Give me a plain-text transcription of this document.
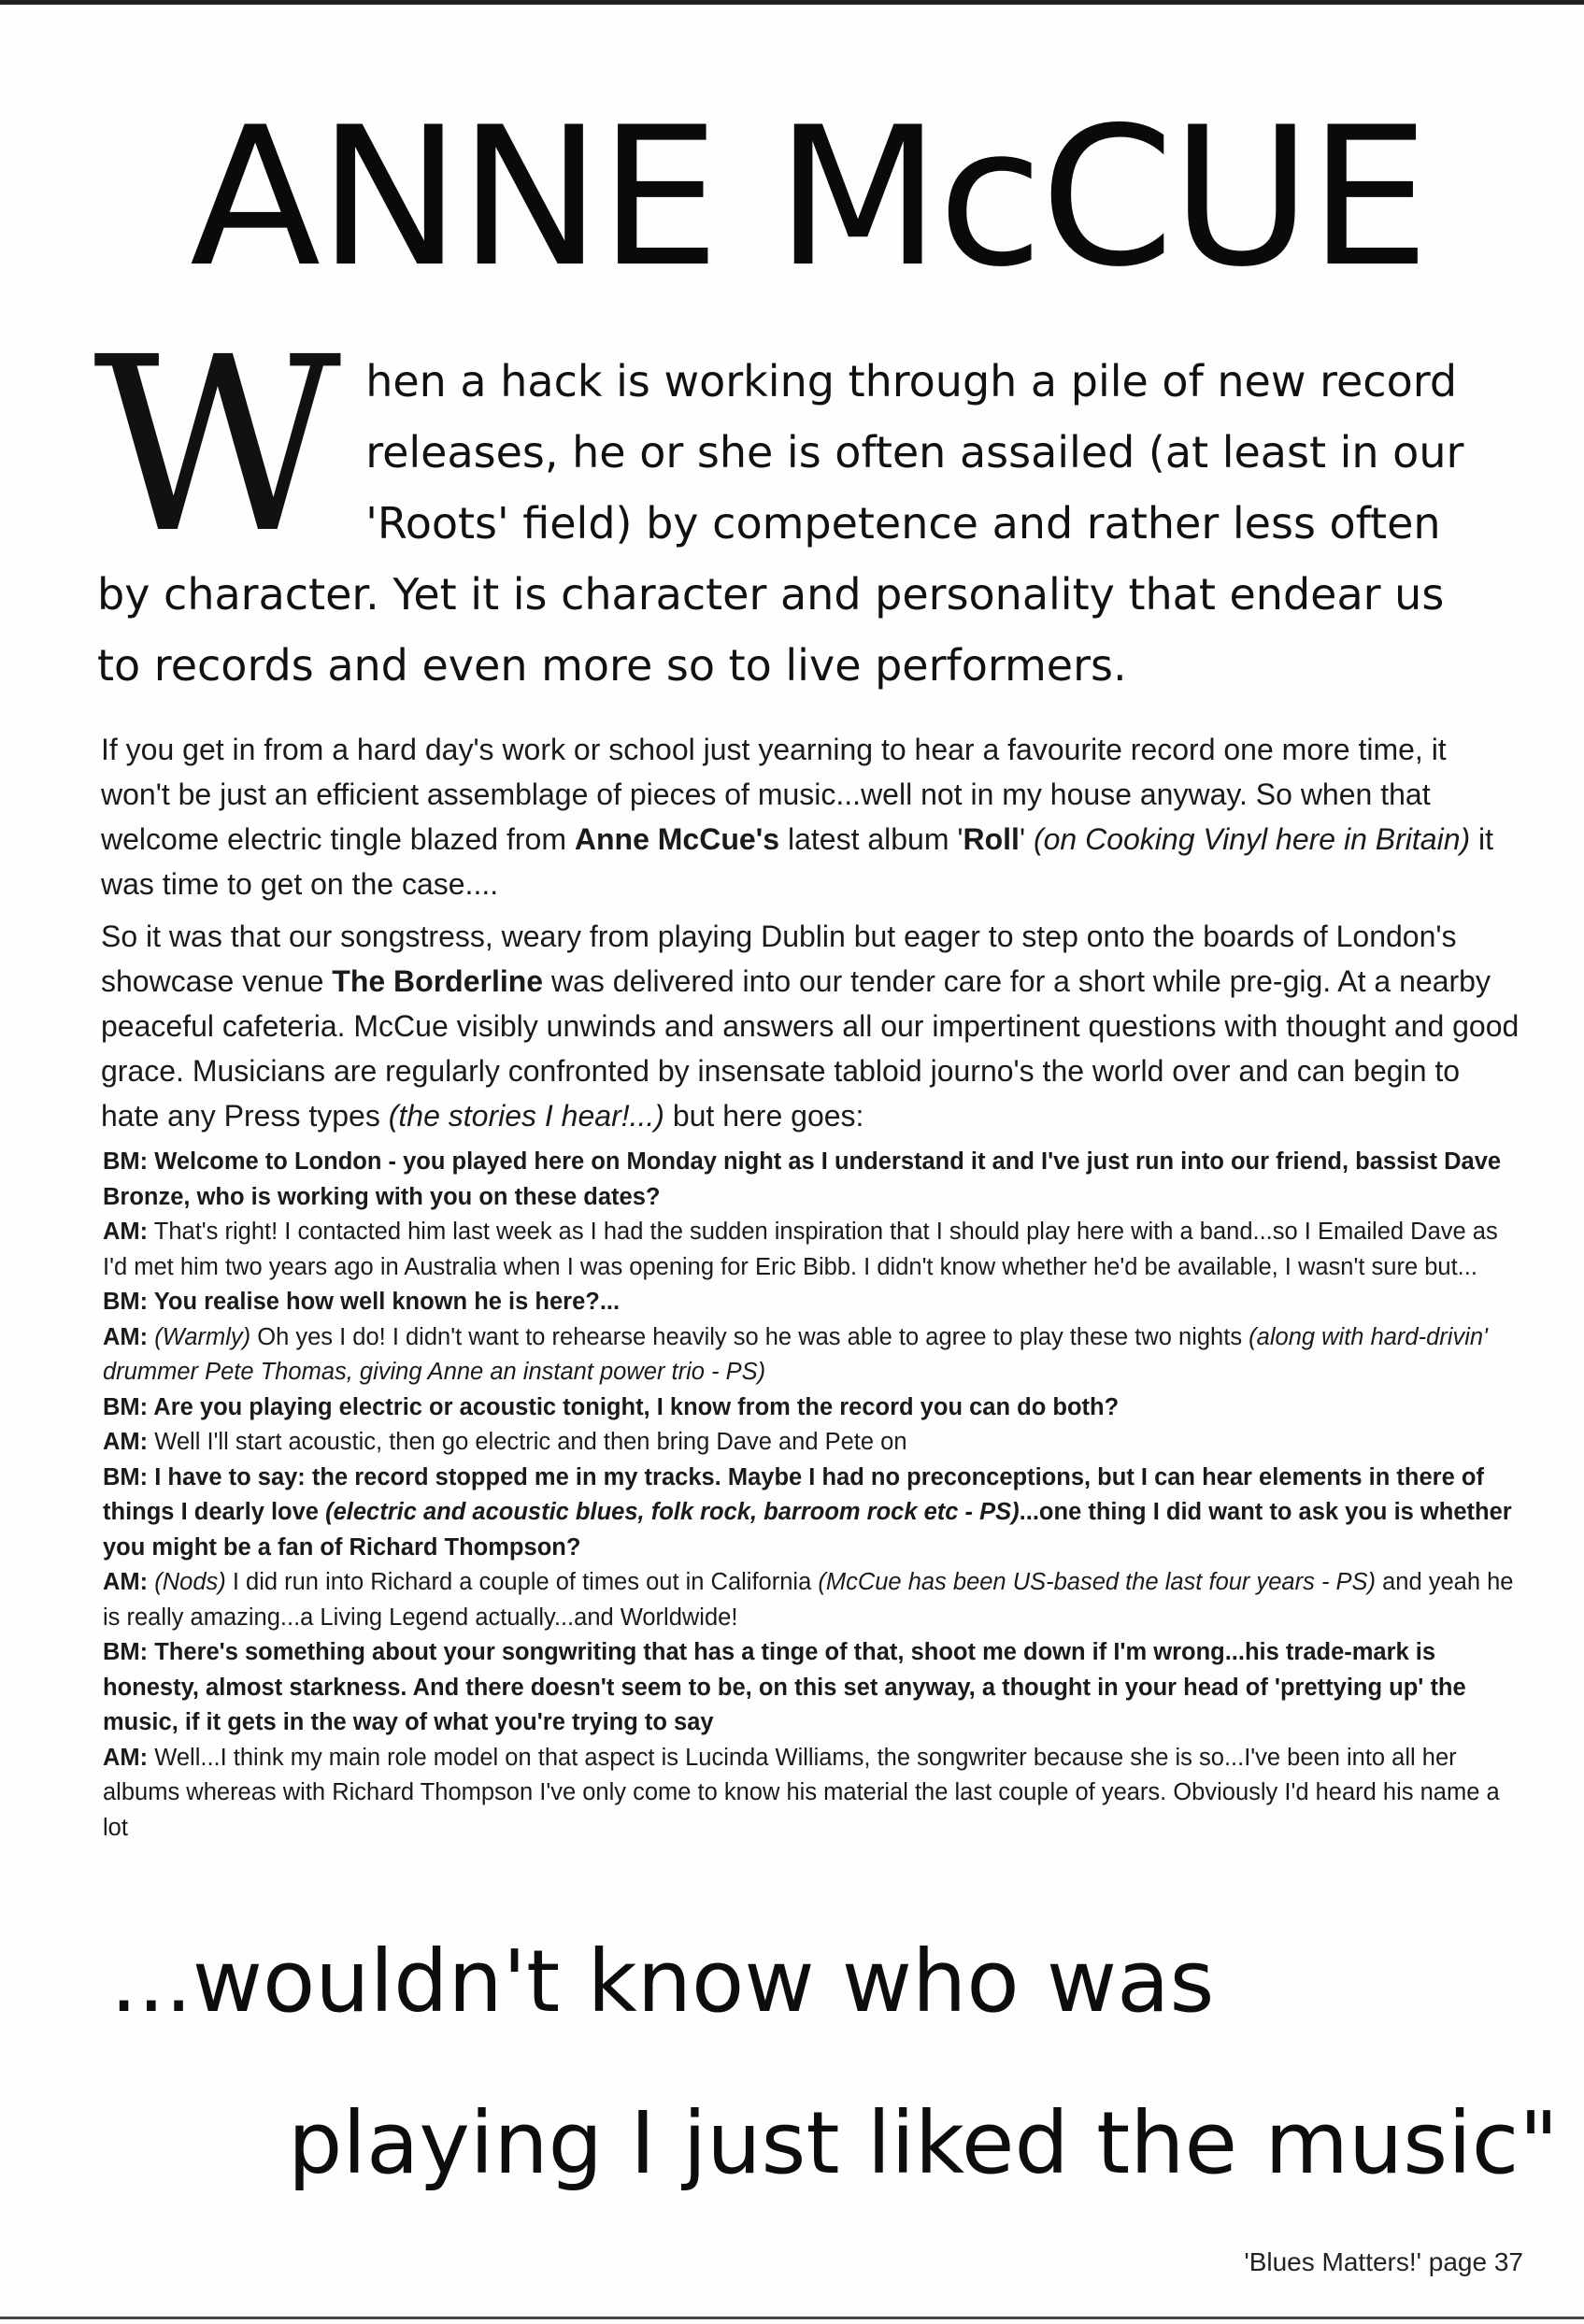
ANNE McCUE
When a hack is working through a pile of new record releases, he or she is often assailed (at least in our 'Roots' field) by competence and rather less often by character. Yet it is character and personality that endear us to records and even more so to live performers.

If you get in from a hard day's work or school just yearning to hear a favourite record one more time, it won't be just an efficient assemblage of pieces of music...well not in my house anyway. So when that welcome electric tingle blazed from Anne McCue's latest album 'Roll' (on Cooking Vinyl here in Britain) it was time to get on the case....

So it was that our songstress, weary from playing Dublin but eager to step onto the boards of London's showcase venue The Borderline was delivered into our tender care for a short while pre-gig. At a nearby peaceful cafeteria. McCue visibly unwinds and answers all our impertinent questions with thought and good grace. Musicians are regularly confronted by insensate tabloid journo's the world over and can begin to hate any Press types (the stories I hear!...) but here goes:

BM: Welcome to London - you played here on Monday night as I understand it and I've just run into our friend, bassist Dave Bronze, who is working with you on these dates?

AM: That's right! I contacted him last week as I had the sudden inspiration that I should play here with a band...so I Emailed Dave as I'd met him two years ago in Australia when I was opening for Eric Bibb. I didn't know whether he'd be available, I wasn't sure but...

BM: You realise how well known he is here?...

AM: (Warmly) Oh yes I do! I didn't want to rehearse heavily so he was able to agree to play these two nights (along with hard-drivin' drummer Pete Thomas, giving Anne an instant power trio - PS)

BM: Are you playing electric or acoustic tonight, I know from the record you can do both?

AM: Well I'll start acoustic, then go electric and then bring Dave and Pete on

BM: I have to say: the record stopped me in my tracks. Maybe I had no preconceptions, but I can hear elements in there of things I dearly love (electric and acoustic blues, folk rock, barroom rock etc - PS)...one thing I did want to ask you is whether you might be a fan of Richard Thompson?

AM: (Nods) I did run into Richard a couple of times out in California (McCue has been US-based the last four years - PS) and yeah he is really amazing...a Living Legend actually...and Worldwide!

BM: There's something about your songwriting that has a tinge of that, shoot me down if I'm wrong...his trade-mark is honesty, almost starkness. And there doesn't seem to be, on this set anyway, a thought in your head of 'prettying up' the music, if it gets in the way of what you're trying to say

AM: Well...I think my main role model on that aspect is Lucinda Williams, the songwriter because she is so...I've been into all her albums whereas with Richard Thompson I've only come to know his material the last couple of years. Obviously I'd heard his name a lot

...wouldn't know who was
playing I just liked the music"
'Blues Matters!' page 37
